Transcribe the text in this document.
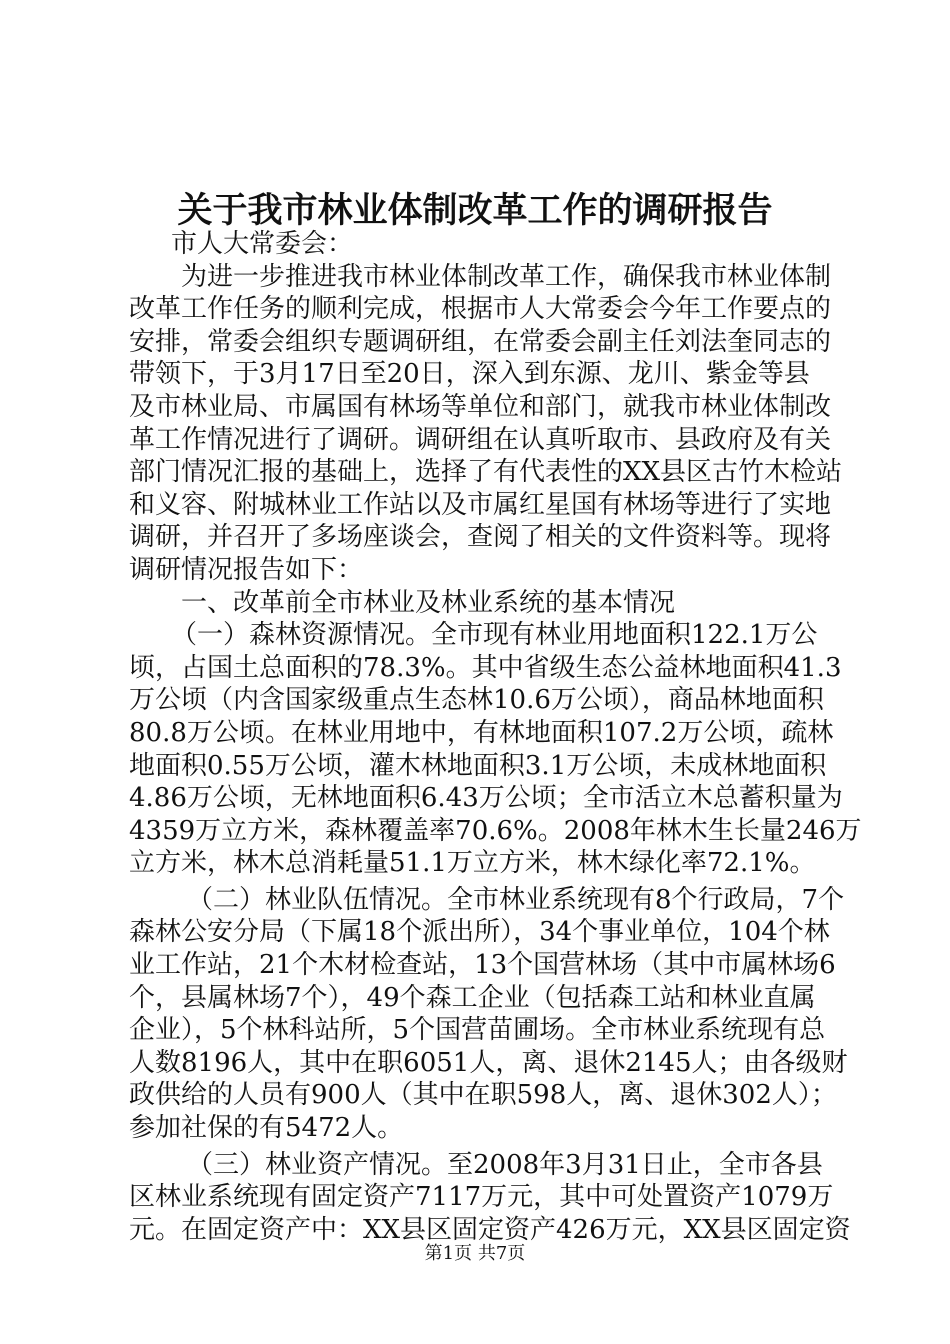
关于我市林业体制改革工作的调研报告
市人大常委会：
为进一步推进我市林业体制改革工作，确保我市林业体制
改革工作任务的顺利完成，根据市人大常委会今年工作要点的
安排，常委会组织专题调研组，在常委会副主任刘法奎同志的
带领下，于3月17日至20日，深入到东源、龙川、紫金等县
及市林业局、市属国有林场等单位和部门，就我市林业体制改
革工作情况进行了调研。调研组在认真听取市、县政府及有关
部门情况汇报的基础上，选择了有代表性的XX县区古竹木检站
和义容、附城林业工作站以及市属红星国有林场等进行了实地
调研，并召开了多场座谈会，查阅了相关的文件资料等。现将
调研情况报告如下：
一、改革前全市林业及林业系统的基本情况
（一）森林资源情况。全市现有林业用地面积122.1万公
顷，占国土总面积的78.3%。其中省级生态公益林地面积41.3
万公顷（内含国家级重点生态林10.6万公顷），商品林地面积
80.8万公顷。在林业用地中，有林地面积107.2万公顷，疏林
地面积0.55万公顷，灌木林地面积3.1万公顷，未成林地面积
4.86万公顷，无林地面积6.43万公顷；全市活立木总蓄积量为
4359万立方米，森林覆盖率70.6%。2008年林木生长量246万
立方米，林木总消耗量51.1万立方米，林木绿化率72.1%。
（二）林业队伍情况。全市林业系统现有8个行政局，7个
森林公安分局（下属18个派出所），34个事业单位，104个林
业工作站，21个木材检查站，13个国营林场（其中市属林场6
个，县属林场7个），49个森工企业（包括森工站和林业直属
企业），5个林科站所，5个国营苗圃场。全市林业系统现有总
人数8196人，其中在职6051人，离、退休2145人；由各级财
政供给的人员有900人（其中在职598人，离、退休302人）；
参加社保的有5472人。
（三）林业资产情况。至2008年3月31日止，全市各县
区林业系统现有固定资产7117万元，其中可处置资产1079万
元。在固定资产中：XX县区固定资产426万元，XX县区固定资
第1页 共7页
